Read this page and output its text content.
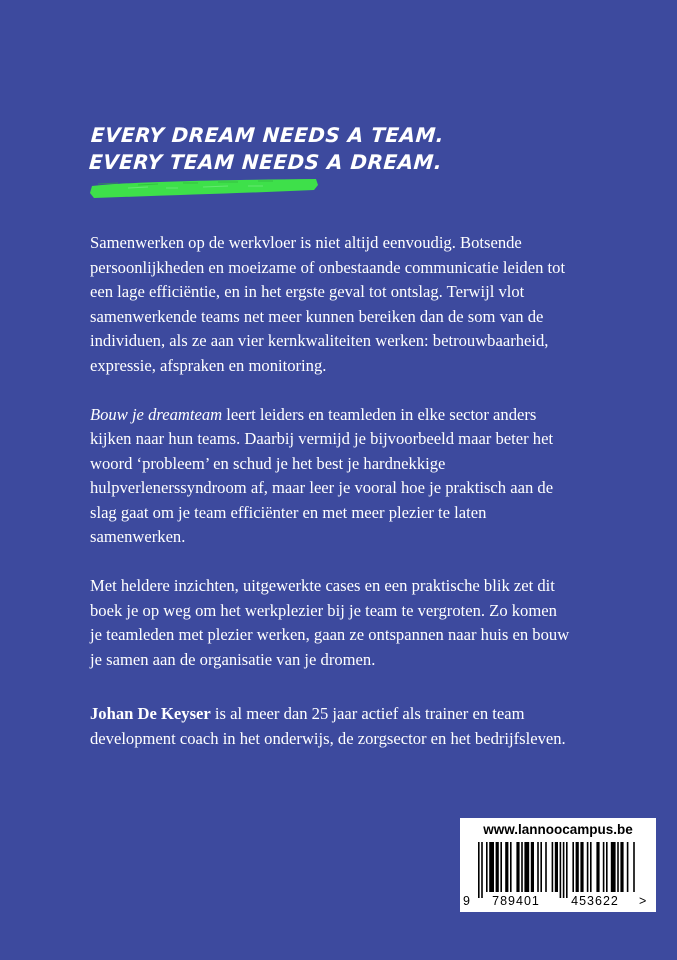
EVERY DREAM NEEDS A TEAM.
EVERY TEAM NEEDS A DREAM.

Samenwerken op de werkvloer is niet altijd eenvoudig. Botsende persoonlijkheden en moeizame of onbestaande communicatie leiden tot een lage efficiëntie, en in het ergste geval tot ontslag. Terwijl vlot samenwerkende teams net meer kunnen bereiken dan de som van de individuen, als ze aan vier kernkwaliteiten werken: betrouwbaarheid, expressie, afspraken en monitoring.

Bouw je dreamteam leert leiders en teamleden in elke sector anders kijken naar hun teams. Daarbij vermijd je bijvoorbeeld maar beter het woord ‘probleem’ en schud je het best je hardnekkige hulpverlenerssyndroom af, maar leer je vooral hoe je praktisch aan de slag gaat om je team efficiënter en met meer plezier te laten samenwerken.

Met heldere inzichten, uitgewerkte cases en een praktische blik zet dit boek je op weg om het werkplezier bij je team te vergroten. Zo komen je teamleden met plezier werken, gaan ze ontspannen naar huis en bouw je samen aan de organisatie van je dromen.

Johan De Keyser is al meer dan 25 jaar actief als trainer en team development coach in het onderwijs, de zorgsector en het bedrijfsleven.

www.lannoocampus.be
9	789401	453622	>
